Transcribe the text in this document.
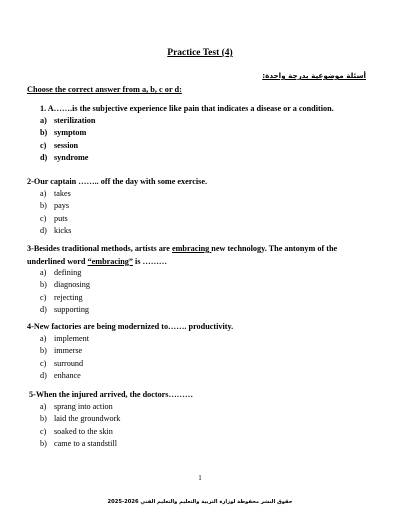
Practice Test (4)
أسئلة موضوعية بدرجة واحدة:
Choose the correct answer from a, b, c or d:
1. A…….is the subjective experience like pain that indicates a disease or a condition.
a) sterilization
b) symptom
c) session
d) syndrome
2-Our captain …….. off the day with some exercise.
a) takes
b) pays
c) puts
d) kicks
3-Besides traditional methods, artists are embracing new technology. The antonym of the underlined word “embracing” is ………
a) defining
b) diagnosing
c) rejecting
d) supporting
4-New factories are being modernized to……. productivity.
a) implement
b) immerse
c) surround
d) enhance
5-When the injured arrived, the doctors………
a) sprang into action
b) laid the groundwork
c) soaked to the skin
b) came to a standstill
1
حقوق النشر محفوظة لوزارة التربية والتعليم والتعليم الفني 2026-2025
